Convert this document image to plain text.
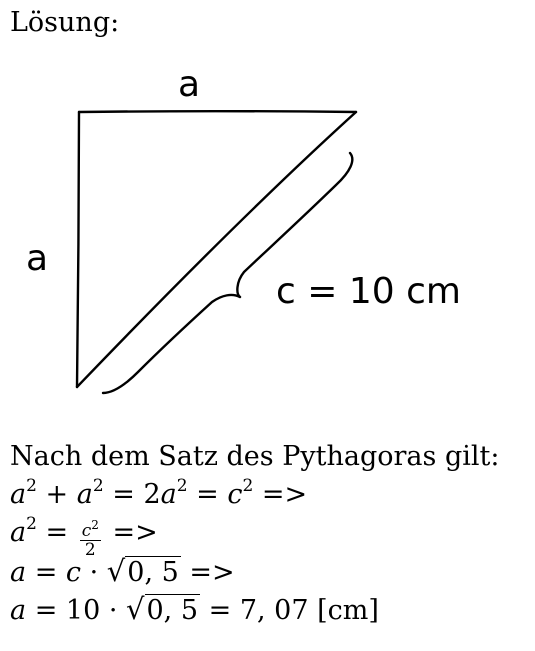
Lösung:
a
a
c = 10 cm
Nach dem Satz des Pythagoras gilt:
$a^2 + a^2 = 2a^2 = c^2$ =>
$a^2 = \frac{c^2}{2}$ =>
a = c · √0, 5 =>
a = 10 · √0, 5 = 7, 07 [cm]
